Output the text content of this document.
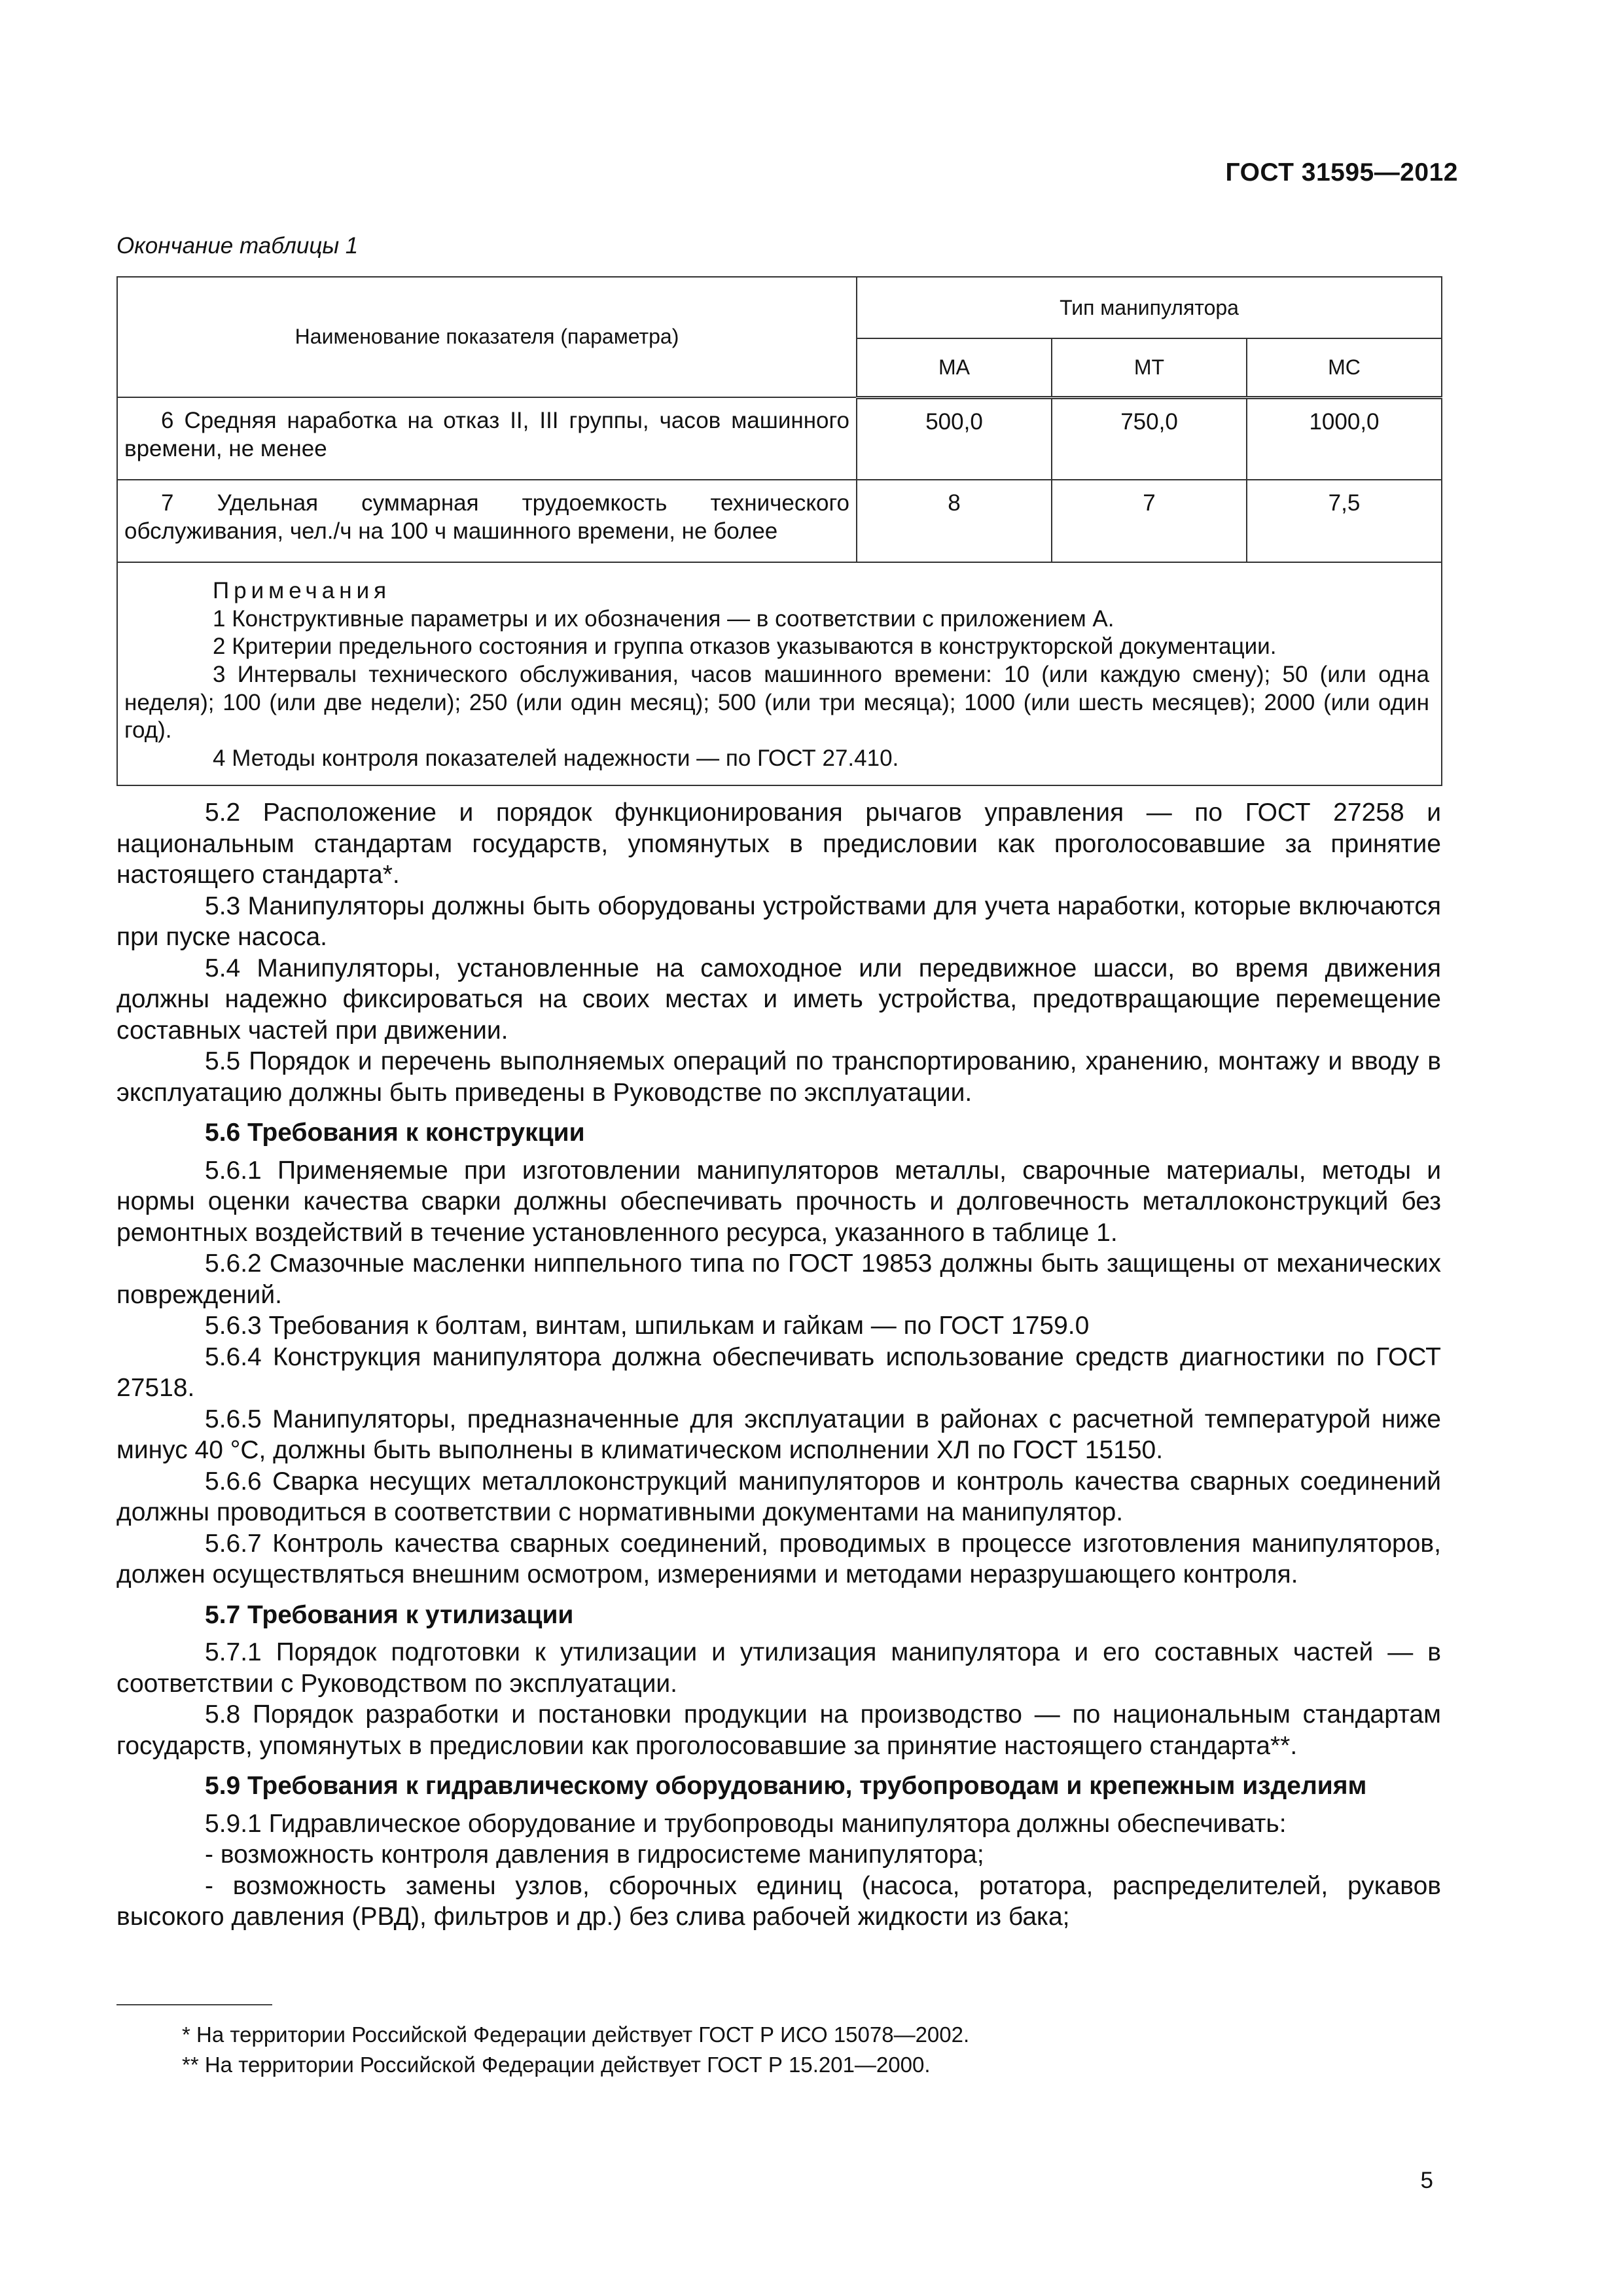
ГОСТ 31595—2012
Окончание таблицы 1
Наименование показателя (параметра)	Тип манипулятора		
	МА	МТ	МС
6 Средняя наработка на отказ II, III группы, часов машинного времени, не менее	500,0	750,0	1000,0
7 Удельная суммарная трудоемкость технического обслуживания, чел./ч на 100 ч машинного времени, не более	8	7	7,5

Примечания
1 Конструктивные параметры и их обозначения — в соответствии с приложением А.
2 Критерии предельного состояния и группа отказов указываются в конструкторской документации.
3 Интервалы технического обслуживания, часов машинного времени: 10 (или каждую смену); 50 (или одна неделя); 100 (или две недели); 250 (или один месяц); 500 (или три месяца); 1000 (или шесть месяцев); 2000 (или один год).
4 Методы контроля показателей надежности — по ГОСТ 27.410.			

5.2 Расположение и порядок функционирования рычагов управления — по ГОСТ 27258 и национальным стандартам государств, упомянутых в предисловии как проголосовавшие за принятие настоящего стандарта*.

5.3 Манипуляторы должны быть оборудованы устройствами для учета наработки, которые включаются при пуске насоса.

5.4 Манипуляторы, установленные на самоходное или передвижное шасси, во время движения должны надежно фиксироваться на своих местах и иметь устройства, предотвращающие перемещение составных частей при движении.

5.5 Порядок и перечень выполняемых операций по транспортированию, хранению, монтажу и вводу в эксплуатацию должны быть приведены в Руководстве по эксплуатации.

5.6 Требования к конструкции

5.6.1 Применяемые при изготовлении манипуляторов металлы, сварочные материалы, методы и нормы оценки качества сварки должны обеспечивать прочность и долговечность металлоконструкций без ремонтных воздействий в течение установленного ресурса, указанного в таблице 1.

5.6.2 Смазочные масленки ниппельного типа по ГОСТ 19853 должны быть защищены от механических повреждений.

5.6.3 Требования к болтам, винтам, шпилькам и гайкам — по ГОСТ 1759.0

5.6.4 Конструкция манипулятора должна обеспечивать использование средств диагностики по ГОСТ 27518.

5.6.5 Манипуляторы, предназначенные для эксплуатации в районах с расчетной температурой ниже минус 40 °С, должны быть выполнены в климатическом исполнении ХЛ по ГОСТ 15150.

5.6.6 Сварка несущих металлоконструкций манипуляторов и контроль качества сварных соединений должны проводиться в соответствии с нормативными документами на манипулятор.

5.6.7 Контроль качества сварных соединений, проводимых в процессе изготовления манипуляторов, должен осуществляться внешним осмотром, измерениями и методами неразрушающего контроля.

5.7 Требования к утилизации

5.7.1 Порядок подготовки к утилизации и утилизация манипулятора и его составных частей — в соответствии с Руководством по эксплуатации.

5.8 Порядок разработки и постановки продукции на производство — по национальным стандартам государств, упомянутых в предисловии как проголосовавшие за принятие настоящего стандарта**.

5.9 Требования к гидравлическому оборудованию, трубопроводам и крепежным изделиям

5.9.1 Гидравлическое оборудование и трубопроводы манипулятора должны обеспечивать:

- возможность контроля давления в гидросистеме манипулятора;

- возможность замены узлов, сборочных единиц (насоса, ротатора, распределителей, рукавов высокого давления (РВД), фильтров и др.) без слива рабочей жидкости из бака;

* На территории Российской Федерации действует ГОСТ Р ИСО 15078—2002.
** На территории Российской Федерации действует ГОСТ Р 15.201—2000.
5
